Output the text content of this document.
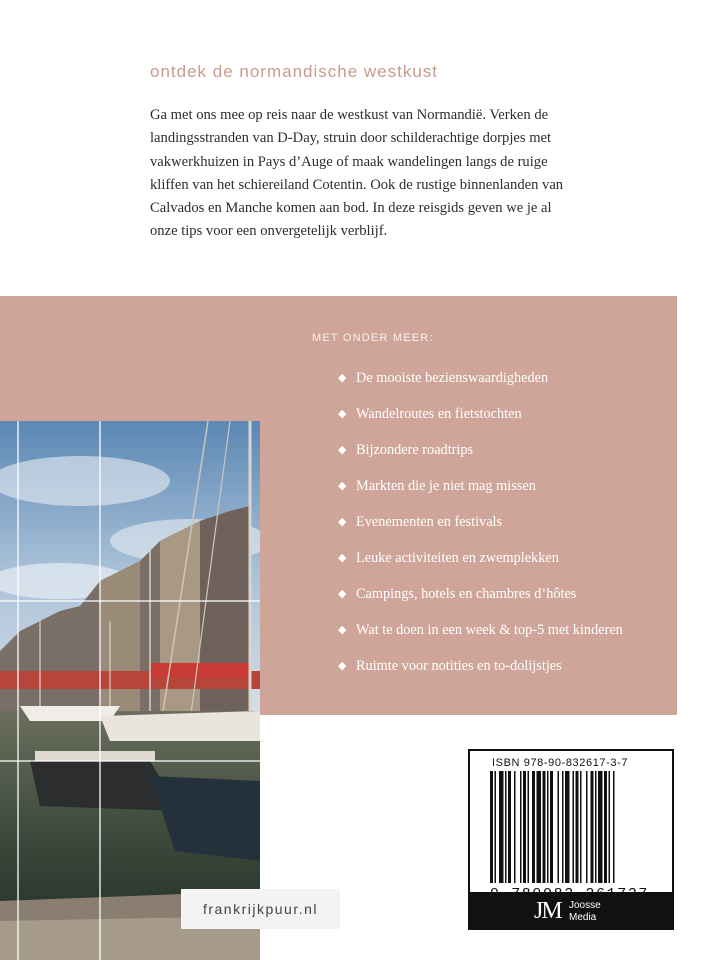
ontdek de normandische westkust

Ga met ons mee op reis naar de westkust van Normandië. Verken de landingsstranden van D-Day, struin door schilderachtige dorpjes met vakwerkhuizen in Pays d’Auge of maak wandelingen langs de ruige kliffen van het schiereiland Cotentin. Ook de rustige binnenlanden van Calvados en Manche komen aan bod. In deze reisgids geven we je al onze tips voor een onvergetelijk verblijf.

MET ONDER MEER:

◆ De mooiste bezienswaardigheden
◆ Wandelroutes en fietstochten
◆ Bijzondere roadtrips
◆ Markten die je niet mag missen
◆ Evenementen en festivals
◆ Leuke activiteiten en zwemplekken
◆ Campings, hotels en chambres d’hôtes
◆ Wat te doen in een week & top-5 met kinderen
◆ Ruimte voor notities en to-dolijstjes
frankrijkpuur.nl
ISBN 978-90-832617-3-7
JM Joosse
Media
